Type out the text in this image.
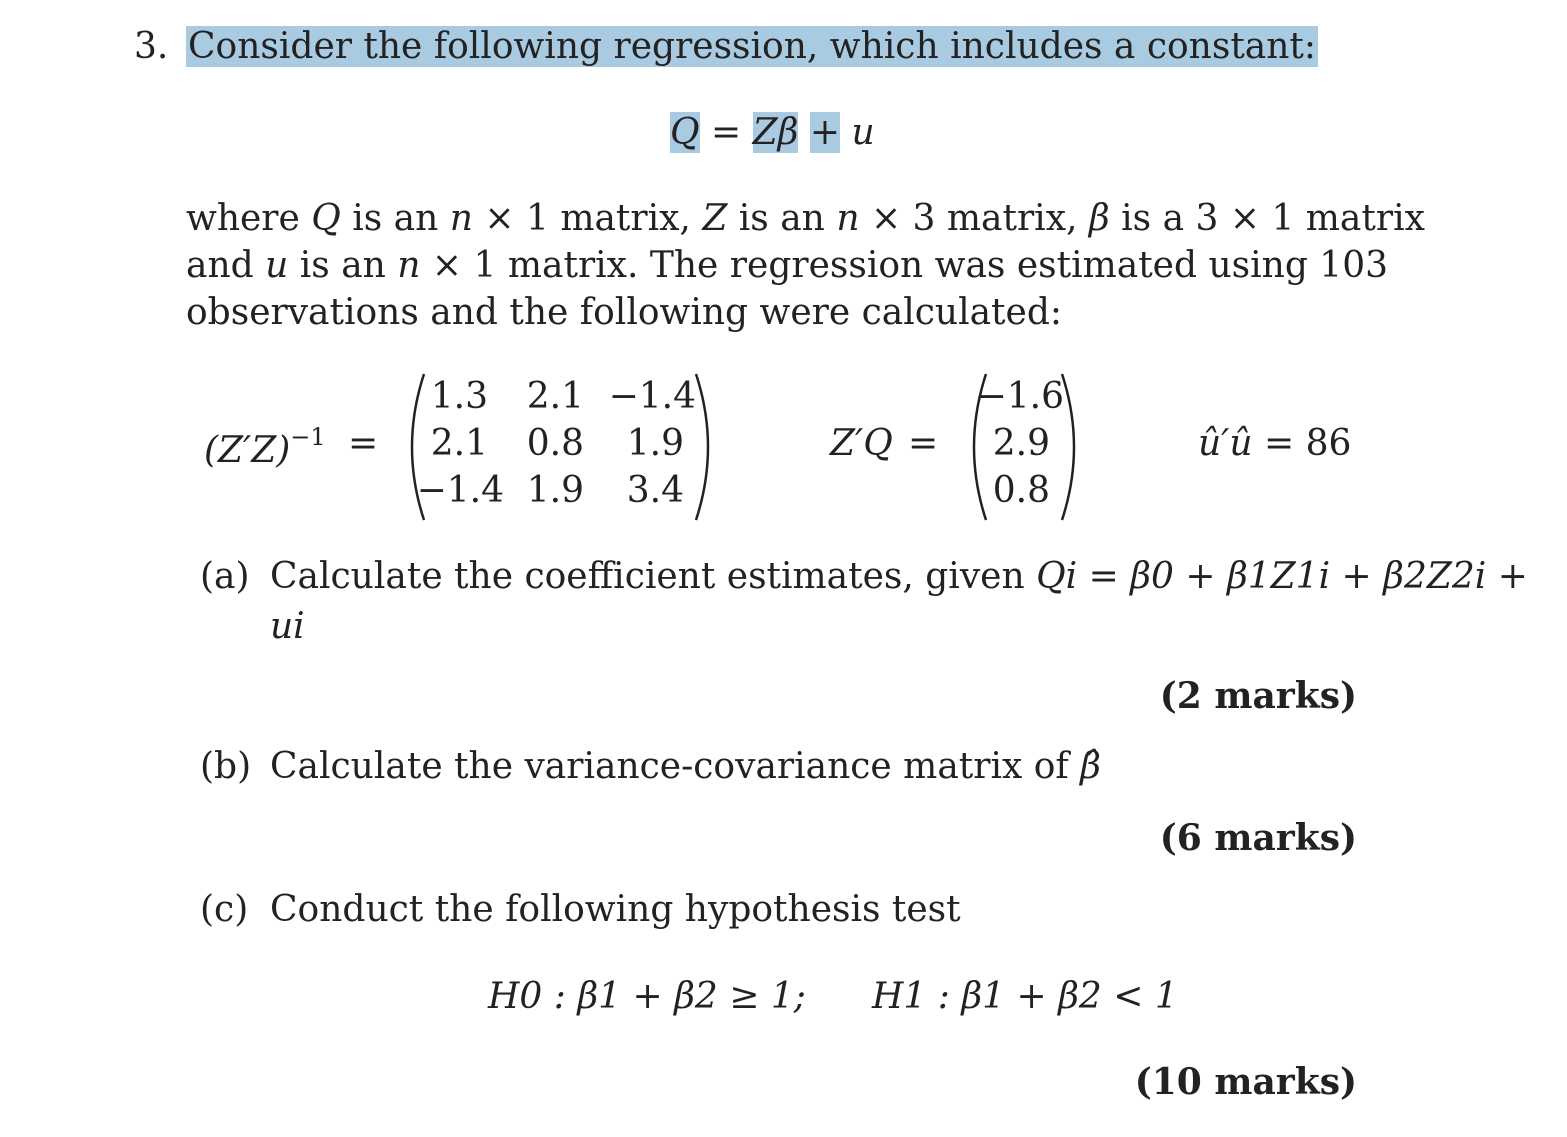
3. Consider the following regression, which includes a constant:
Q = Zβ + u
where Q is an n × 1 matrix, Z is an n × 3 matrix, β is a 3 × 1 matrix
and u is an n × 1 matrix. The regression was estimated using 103
observations and the following were calculated:
$(Z'Z)^{-1}$ =
1.3	2.1 −1.4
2.1	0.8	1.9
−1.4 1.9	3.4
Z′Q =
−1.6
2.9
0.8
û′û = 86
(a) Calculate the coefficient estimates, given Qi = β0 + β1Z1i + β2Z2i +
ui
(2 marks)
(b) Calculate the variance-covariance matrix of β̂
(6 marks)
(c) Conduct the following hypothesis test
H0 : β1 + β2 ≥ 1; H1 : β1 + β2 < 1
(10 marks)
